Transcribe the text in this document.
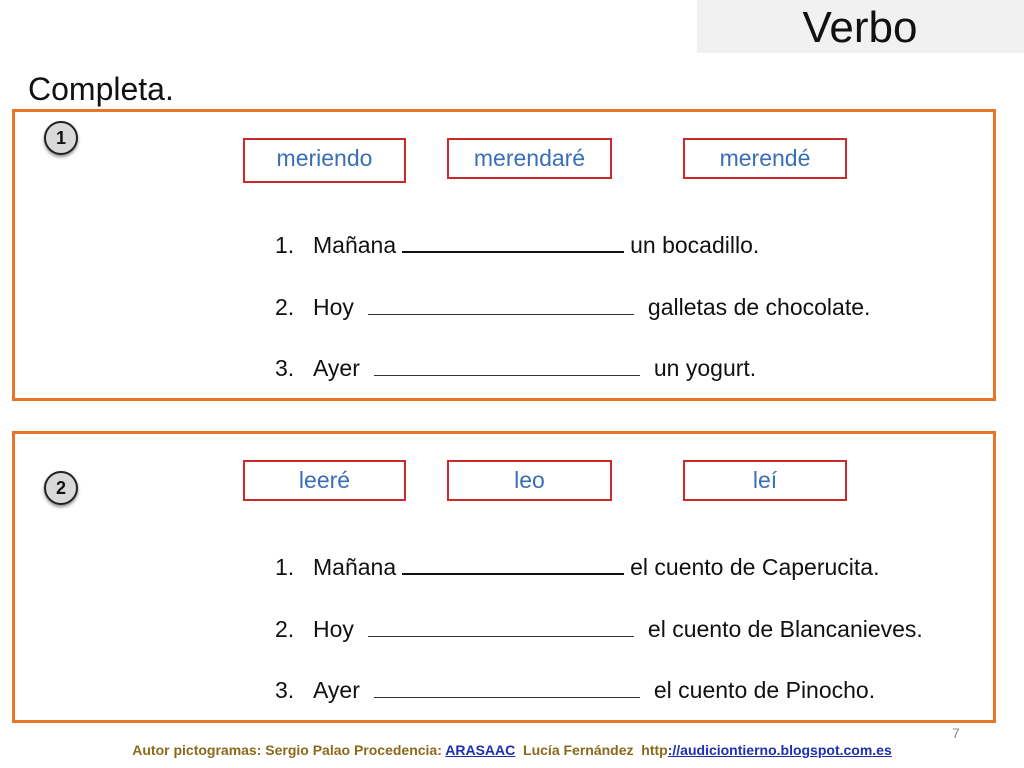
Verbo
Completa.
1
meriendo	merendaré	merendé
1. Mañana	un bocadillo.
2. Hoy	galletas de chocolate.
3. Ayer	un yogurt.
2	leeré	leo	leí
1. Mañana	el cuento de Caperucita.
2. Hoy	el cuento de Blancanieves.
3. Ayer	el cuento de Pinocho.
7
Autor pictogramas: Sergio Palao Procedencia: ARASAAC  Lucía Fernández  http://audiciontierno.blogspot.com.es
